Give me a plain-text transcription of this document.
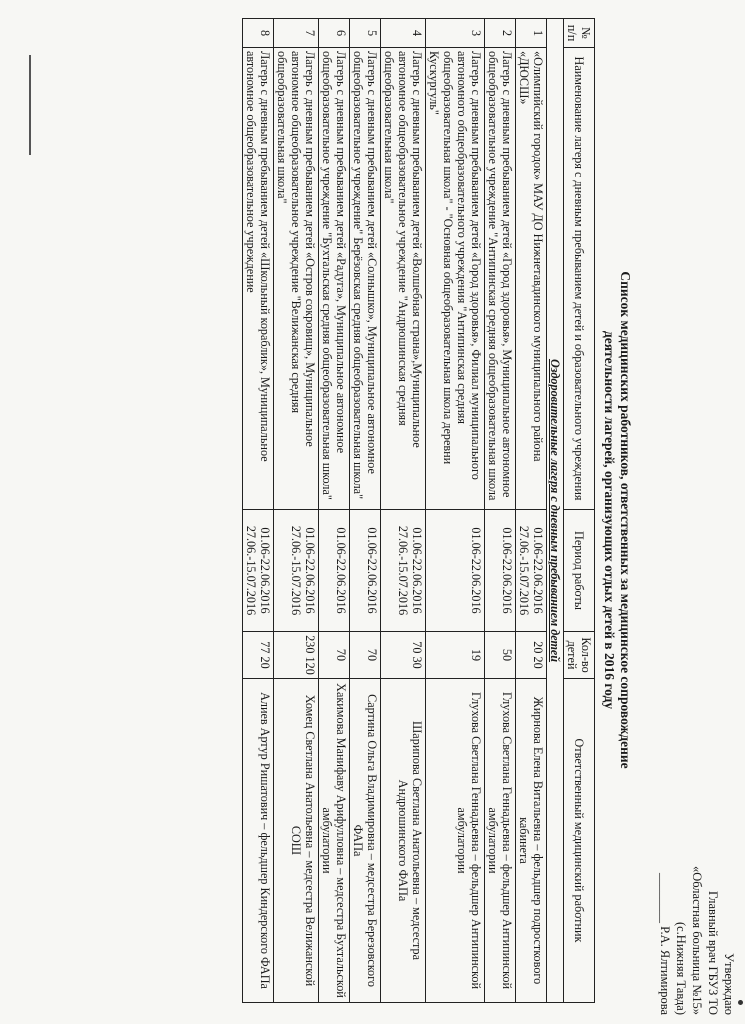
Утверждаю
Главный врач ГБУЗ ТО
«Областная больница №15»
(с.Нижняя Тавда)
________ Р.А. Ялтимирова
Список медицинских работников, ответственных за медицинское сопровождение
деятельности лагерей, организующих отдых детей в 2016 году
№ п/п	Наименование лагеря с дневным пребыванием детей и образовательного учреждения	Период работы	Кол-во детей	Ответственный медицинский работник
Оздоровительные лагеря с дневным пребыванием детей				
1	«Олимпийский городок» МАУ ДО Нижнетавдинского муниципального района «ДЮСШ»	01.06-22.06.2016 27.06.-15.07.2016	20 20	Жирнова Елена Витальевна – фельдшер подросткового кабинета
2	Лагерь с дневным пребыванием детей «Город здоровья», Муниципальное автономное общеобразовательное учреждение "Антипинская средняя общеобразовательная школа	01.06-22.06.2016	50	Глухова Светлана Геннадьевна – фельдшер Антипинской амбулатории
3	Лагерь с дневным пребыванием детей «Город здоровья», Филиал муниципального автономного общеобразовательного учреждения "Антипинская средняя общеобразовательная школа" - "Основная общеобразовательная школа деревни Кускургуль"	01.06-22.06.2016	19	Глухова Светлана Геннадьевна – фельдшер Антипинской амбулатории
4	Лагерь с дневным пребыванием детей «Волшебная страна»,Муниципальное автономное общеобразовательное учреждение "Андрюшинская средняя общеобразовательная школа"	01.06-22.06.2016 27.06.-15.07.2016	70 30	Шарипова Светлана Анатольевна – медсестра Андрюшинского ФАПа
5	Лагерь с дневным пребыванием детей «Солнышко», Муниципальное автономное общеобразовательное учреждение" Берёзовская средняя общеобразовательная школа"	01.06-22.06.2016	70	Сартина Ольга Владимировна – медсестра Березовского ФАПа
6	Лагерь с дневным пребыванием детей «Радуга», Муниципальное автономное общеобразовательное учреждение "Бухтальская средняя общеобразовательная школа"	01.06-22.06.2016	70	Хакимова Манифаву Арифулловна – медсестра Бухтальской амбулатории
7	Лагерь с дневным пребыванием детей «Остров сокровищ», Муниципальное автономное общеобразовательное учреждение "Велижанская средняя общеобразовательная школа"	01.06-22.06.2016 27.06.-15.07.2016	230 120	Хомец Светлана Анатольевна – медсестра Велижанской СОШ
8	Лагерь с дневным пребыванием детей «Школьный кораблик», Муниципальное автономное общеобразовательное учреждение	01.06-22.06.2016 27.06.-15.07.2016	77 20	Алиев Артур Ришатович – фельдшер Киндерского ФАПа
